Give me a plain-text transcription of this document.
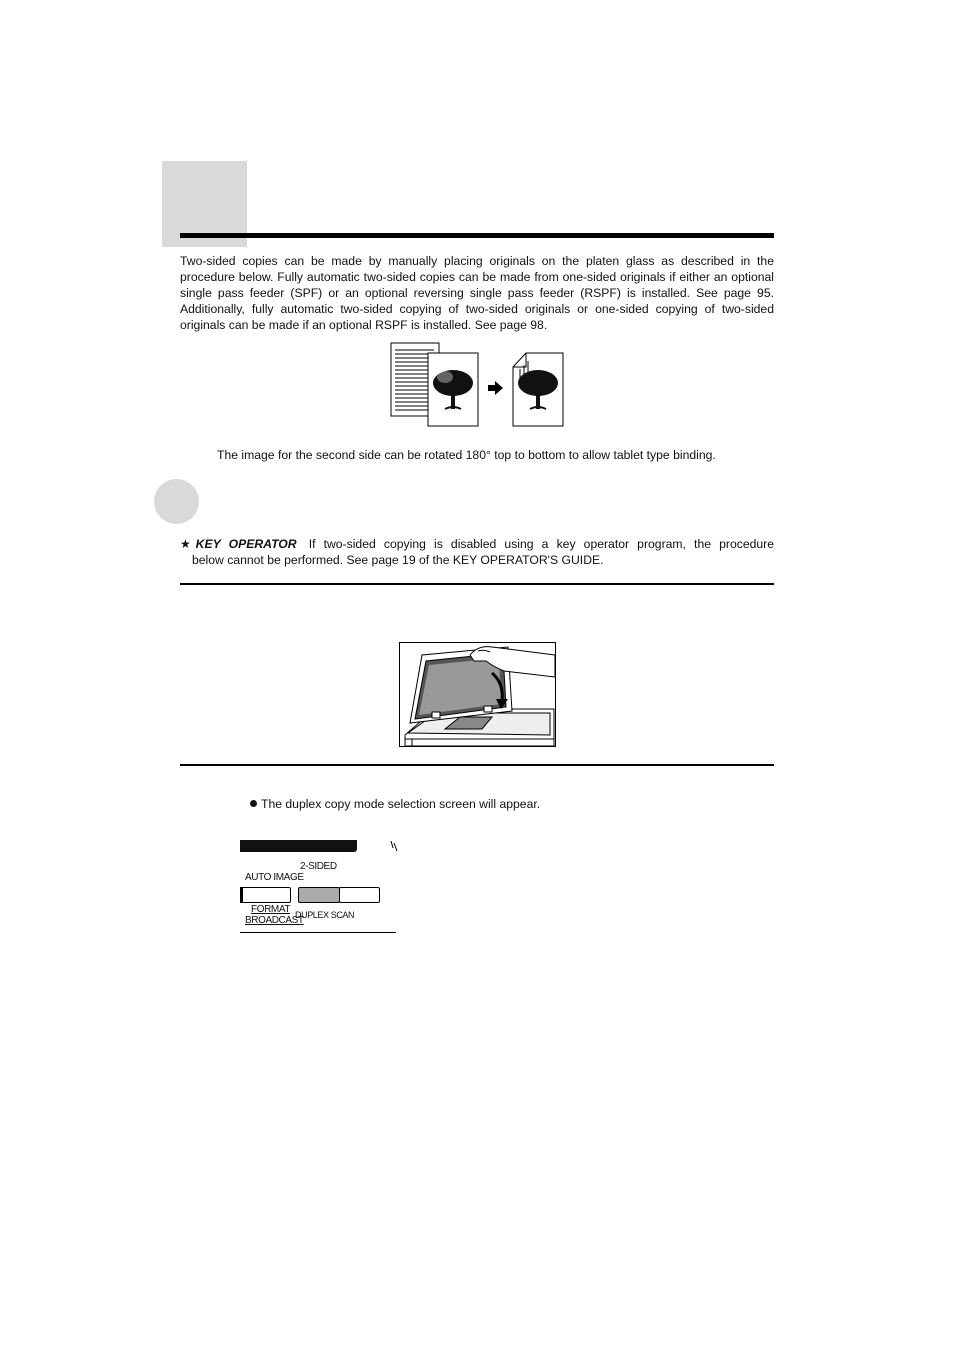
Two-sided copies can be made by manually placing originals on the platen glass as described in the procedure below. Fully automatic two-sided copies can be made from one-sided originals if either an optional single pass feeder (SPF) or an optional reversing single pass feeder (RSPF) is installed. See page 95. Additionally, fully automatic two-sided copying of two-sided originals or one-sided copying of two-sided originals can be made if an optional RSPF is installed. See page 98.

The image for the second side can be rotated 180° top to bottom to allow tablet type binding.
★KEY OPERATOR If two-sided copying is disabled using a key operator program, the procedure
below cannot be performed. See page 19 of the KEY OPERATOR'S GUIDE.
The duplex copy mode selection screen will appear.
2-SIDED
AUTO IMAGE
FORMAT
BROADCAST
DUPLEX SCAN
